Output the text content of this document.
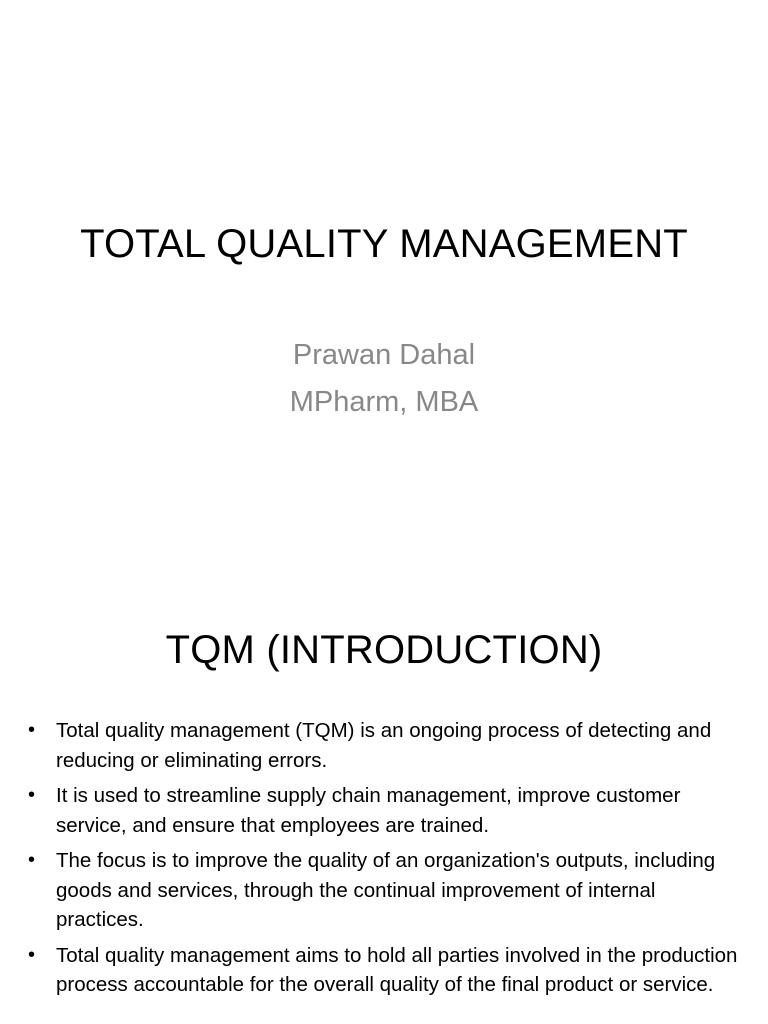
TOTAL QUALITY MANAGEMENT
Prawan Dahal
MPharm, MBA
TQM (INTRODUCTION)
• Total quality management (TQM) is an ongoing process of detecting and reducing or eliminating errors.
• It is used to streamline supply chain management, improve customer service, and ensure that employees are trained.
• The focus is to improve the quality of an organization's outputs, including goods and services, through the continual improvement of internal practices.
• Total quality management aims to hold all parties involved in the production process accountable for the overall quality of the final product or service.
